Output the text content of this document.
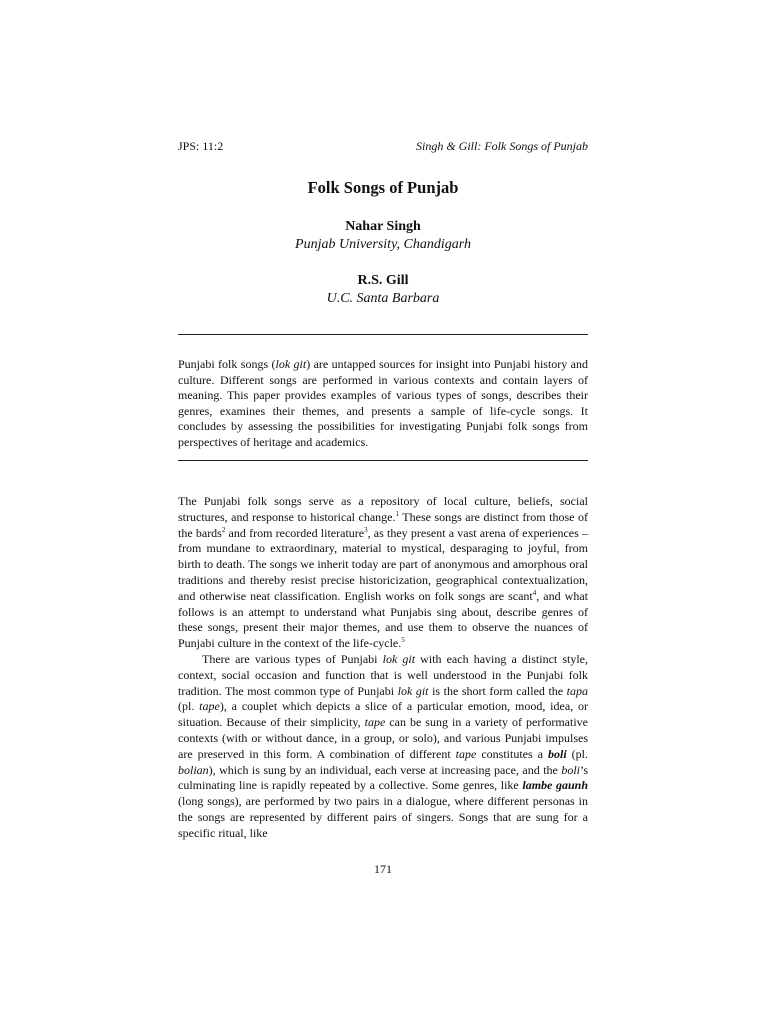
JPS: 11:2	Singh & Gill: Folk Songs of Punjab
Folk Songs of Punjab
Nahar Singh
Punjab University, Chandigarh
R.S. Gill
U.C. Santa Barbara

Punjabi folk songs (lok git) are untapped sources for insight into Punjabi history and culture. Different songs are performed in various contexts and contain layers of meaning. This paper provides examples of various types of songs, describes their genres, examines their themes, and presents a sample of life-cycle songs. It concludes by assessing the possibilities for investigating Punjabi folk songs from perspectives of heritage and academics.

The Punjabi folk songs serve as a repository of local culture, beliefs, social structures, and response to historical change.$^1$ These songs are distinct from those of the bards$^2$ and from recorded literature$^3$, as they present a vast arena of experiences – from mundane to extraordinary, material to mystical, desparaging to joyful, from birth to death. The songs we inherit today are part of anonymous and amorphous oral traditions and thereby resist precise historicization, geographical contextualization, and otherwise neat classification. English works on folk songs are scant$^4$, and what follows is an attempt to understand what Punjabis sing about, describe genres of these songs, present their major themes, and use them to observe the nuances of Punjabi culture in the context of the life-cycle.$^5$

There are various types of Punjabi lok git with each having a distinct style, context, social occasion and function that is well understood in the Punjabi folk tradition. The most common type of Punjabi lok git is the short form called the tapa (pl. tape), a couplet which depicts a slice of a particular emotion, mood, idea, or situation. Because of their simplicity, tape can be sung in a variety of performative contexts (with or without dance, in a group, or solo), and various Punjabi impulses are preserved in this form. A combination of different tape constitutes a boli (pl. bolian), which is sung by an individual, each verse at increasing pace, and the boli’s culminating line is rapidly repeated by a collective. Some genres, like lambe gaunh (long songs), are performed by two pairs in a dialogue, where different personas in the songs are represented by different pairs of singers. Songs that are sung for a specific ritual, like

171
